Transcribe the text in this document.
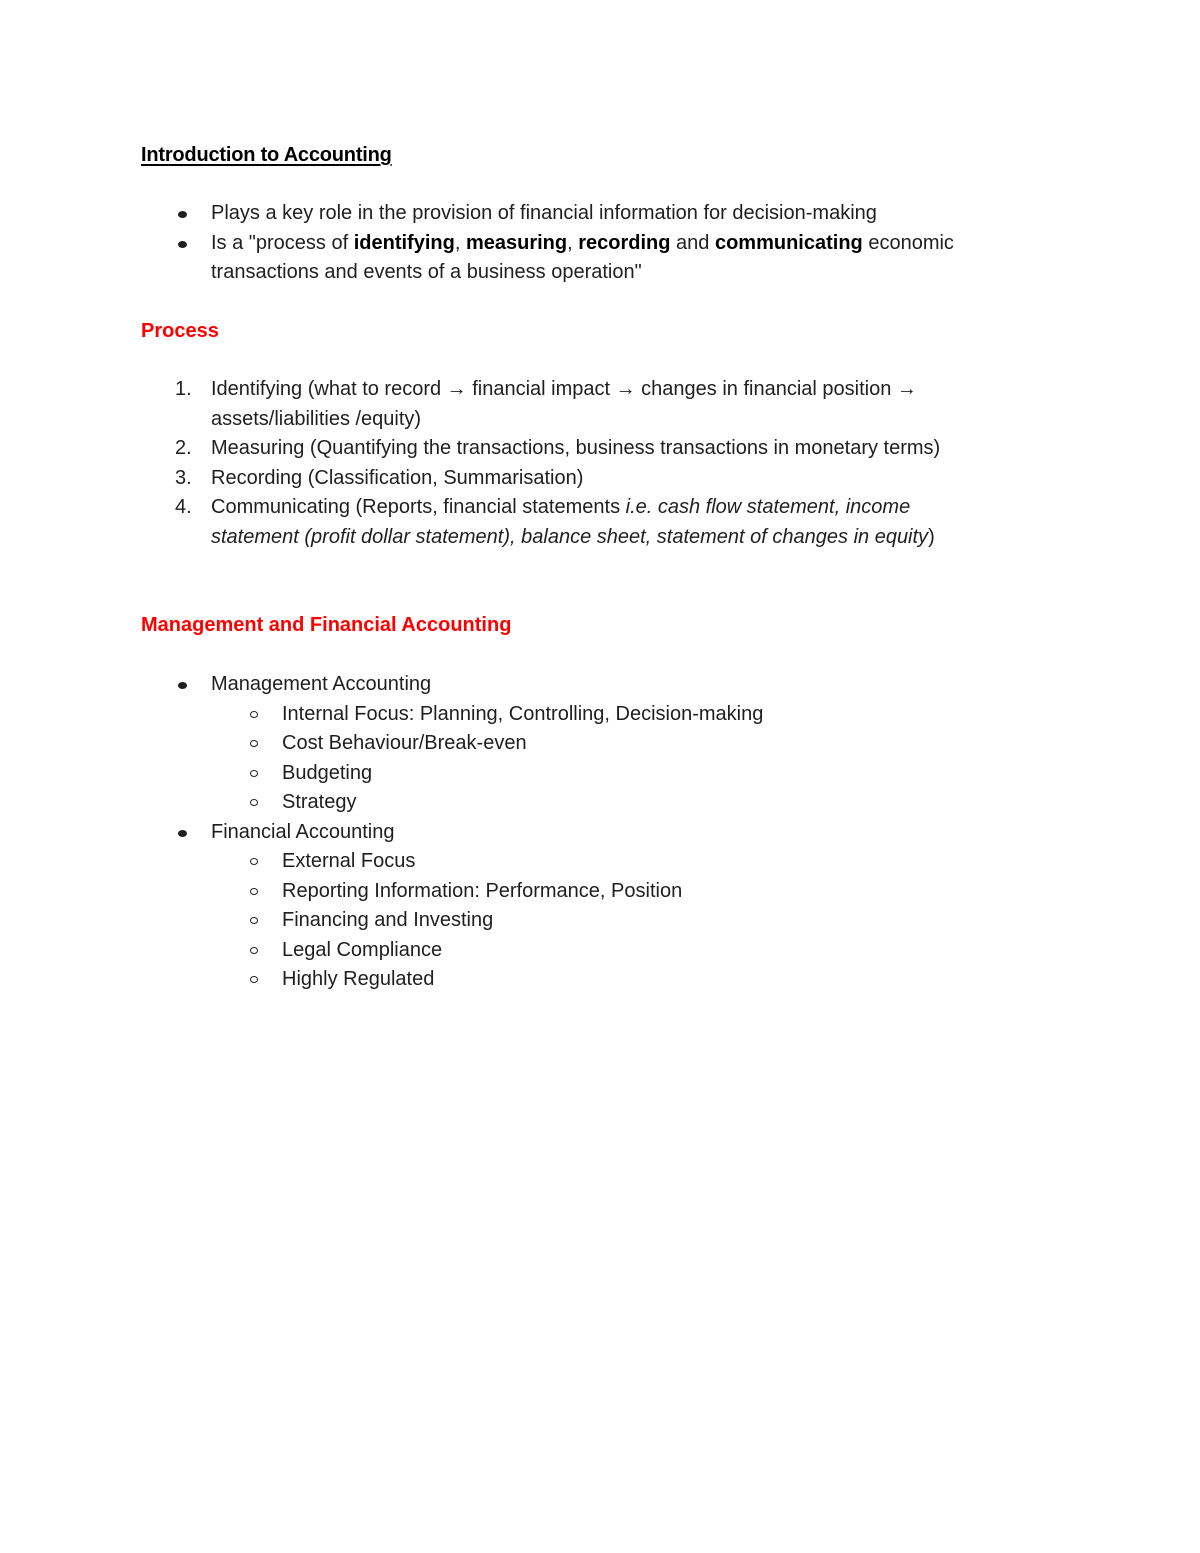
Introduction to Accounting
Plays a key role in the provision of financial information for decision-making
Is a "process of identifying, measuring, recording and communicating economic
transactions and events of a business operation"
Process
1. Identifying (what to record → financial impact → changes in financial position →
assets/liabilities /equity)
2. Measuring (Quantifying the transactions, business transactions in monetary terms)
3. Recording (Classification, Summarisation)
4. Communicating (Reports, financial statements i.e. cash flow statement, income
statement (profit dollar statement), balance sheet, statement of changes in equity)
Management and Financial Accounting
Management Accounting
Internal Focus: Planning, Controlling, Decision-making
Cost Behaviour/Break-even
Budgeting
Strategy
Financial Accounting
External Focus
Reporting Information: Performance, Position
Financing and Investing
Legal Compliance
Highly Regulated
